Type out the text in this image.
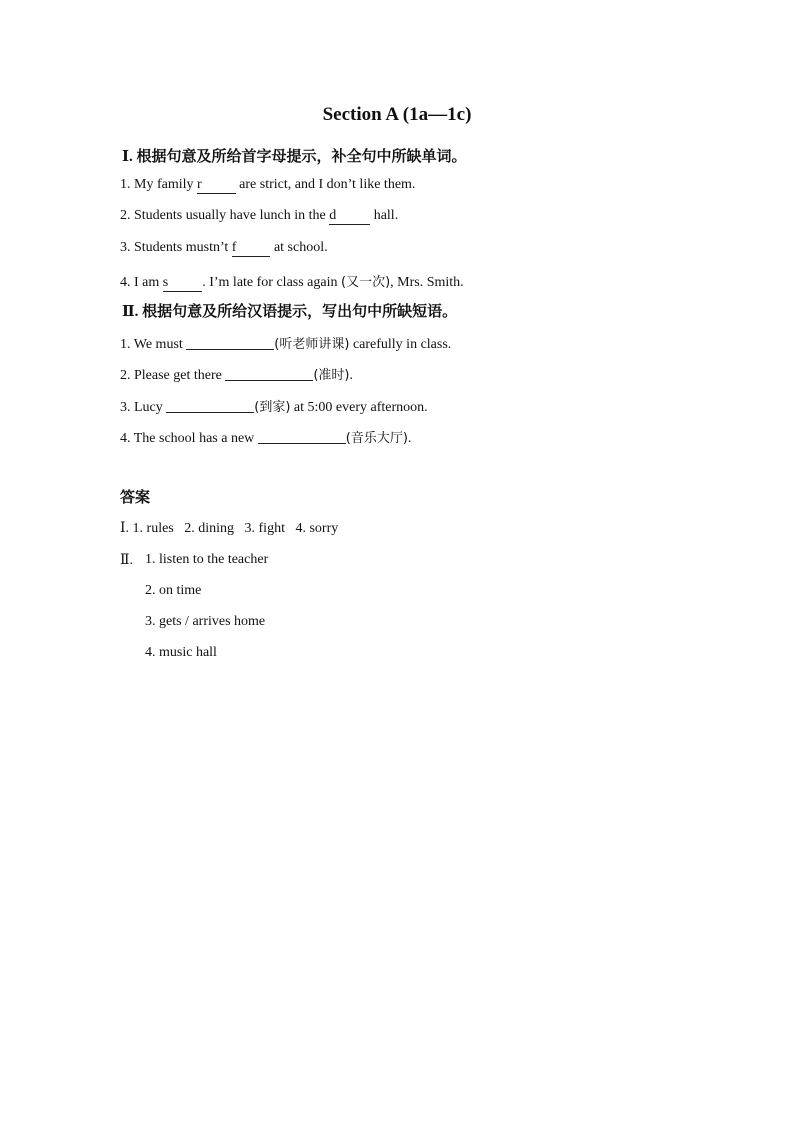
Section A (1a—1c)
Ⅰ. 根据句意及所给首字母提示，补全句中所缺单词。
1. My family r are strict, and I don’t like them.
2. Students usually have lunch in the d hall.
3. Students mustn’t f at school.
4. I am s . I’m late for class again (又一次), Mrs. Smith.
Ⅱ. 根据句意及所给汉语提示，写出句中所缺短语。
1. We must	(听老师讲课) carefully in class.
2. Please get there	(准时).
3. Lucy	(到家) at 5:00 every afternoon.
4. The school has a new	(音乐大厅).
答案
Ⅰ. 1. rules   2. dining   3. fight   4. sorry
Ⅱ. 1. listen to the teacher
2. on time
3. gets / arrives home
4. music hall
